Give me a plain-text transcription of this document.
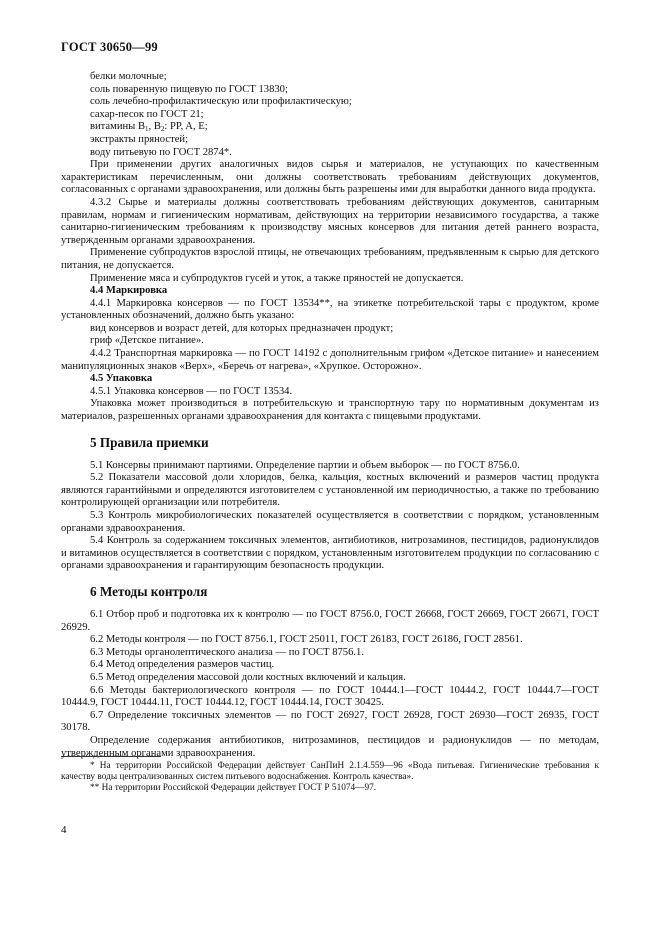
ГОСТ 30650—99

белки молочные;

соль поваренную пищевую по ГОСТ 13830;

соль лечебно-профилактическую или профилактическую;

сахар-песок по ГОСТ 21;

витамины $B_1$, $B_2$: PP, A, E;

экстракты пряностей;

воду питьевую по ГОСТ 2874*.

При применении других аналогичных видов сырья и материалов, не уступающих по качественным характеристикам перечисленным, они должны соответствовать требованиям действующих документов, согласованных с органами здравоохранения, или должны быть разрешены ими для выработки данного вида продукта.

4.3.2 Сырье и материалы должны соответствовать требованиям действующих документов, санитарным правилам, нормам и гигиеническим нормативам, действующих на территории независимого государства, а также санитарно-гигиеническим требованиям к производству мясных консервов для питания детей раннего возраста, утвержденным органами здравоохранения.

Применение субпродуктов взрослой птицы, не отвечающих требованиям, предъявленным к сырью для детского питания, не допускается.

Применение мяса и субпродуктов гусей и уток, а также пряностей не допускается.

4.4 Маркировка

4.4.1 Маркировка консервов — по ГОСТ 13534**, на этикетке потребительской тары с продуктом, кроме установленных обозначений, должно быть указано:

вид консервов и возраст детей, для которых предназначен продукт;

гриф «Детское питание».

4.4.2 Транспортная маркировка — по ГОСТ 14192 с дополнительным грифом «Детское питание» и нанесением манипуляционных знаков «Верх», «Беречь от нагрева», «Хрупкое. Осторожно».

4.5 Упаковка

4.5.1 Упаковка консервов — по ГОСТ 13534.

Упаковка может производиться в потребительскую и транспортную тару по нормативным документам из материалов, разрешенных органами здравоохранения для контакта с пищевыми продуктами.

5 Правила приемки

5.1 Консервы принимают партиями. Определение партии и объем выборок — по ГОСТ 8756.0.

5.2 Показатели массовой доли хлоридов, белка, кальция, костных включений и размеров частиц продукта являются гарантийными и определяются изготовителем с установленной им периодичностью, а также по требованию контролирующей организации или потребителя.

5.3 Контроль микробиологических показателей осуществляется в соответствии с порядком, установленным органами здравоохранения.

5.4 Контроль за содержанием токсичных элементов, антибиотиков, нитрозаминов, пестицидов, радионуклидов и витаминов осуществляется в соответствии с порядком, установленным изготовителем продукции по согласованию с органами здравоохранения и гарантирующим безопасность продукции.

6 Методы контроля

6.1 Отбор проб и подготовка их к контролю — по ГОСТ 8756.0, ГОСТ 26668, ГОСТ 26669, ГОСТ 26671, ГОСТ 26929.

6.2 Методы контроля — по ГОСТ 8756.1, ГОСТ 25011, ГОСТ 26183, ГОСТ 26186, ГОСТ 28561.

6.3 Методы органолептического анализа — по ГОСТ 8756.1.

6.4 Метод определения размеров частиц.

6.5 Метод определения массовой доли костных включений и кальция.

6.6 Методы бактериологического контроля — по ГОСТ 10444.1—ГОСТ 10444.2, ГОСТ 10444.7—ГОСТ 10444.9, ГОСТ 10444.11, ГОСТ 10444.12, ГОСТ 10444.14, ГОСТ 30425.

6.7 Определение токсичных элементов — по ГОСТ 26927, ГОСТ 26928, ГОСТ 26930—ГОСТ 26935, ГОСТ 30178.

Определение содержания антибиотиков, нитрозаминов, пестицидов и радионуклидов — по методам, утвержденным органами здравоохранения.

* На территории Российской Федерации действует СанПиН 2.1.4.559—96 «Вода питьевая. Гигиенические требования к качеству воды централизованных систем питьевого водоснабжения. Контроль качества».

** На территории Российской Федерации действует ГОСТ Р 51074—97.

4
